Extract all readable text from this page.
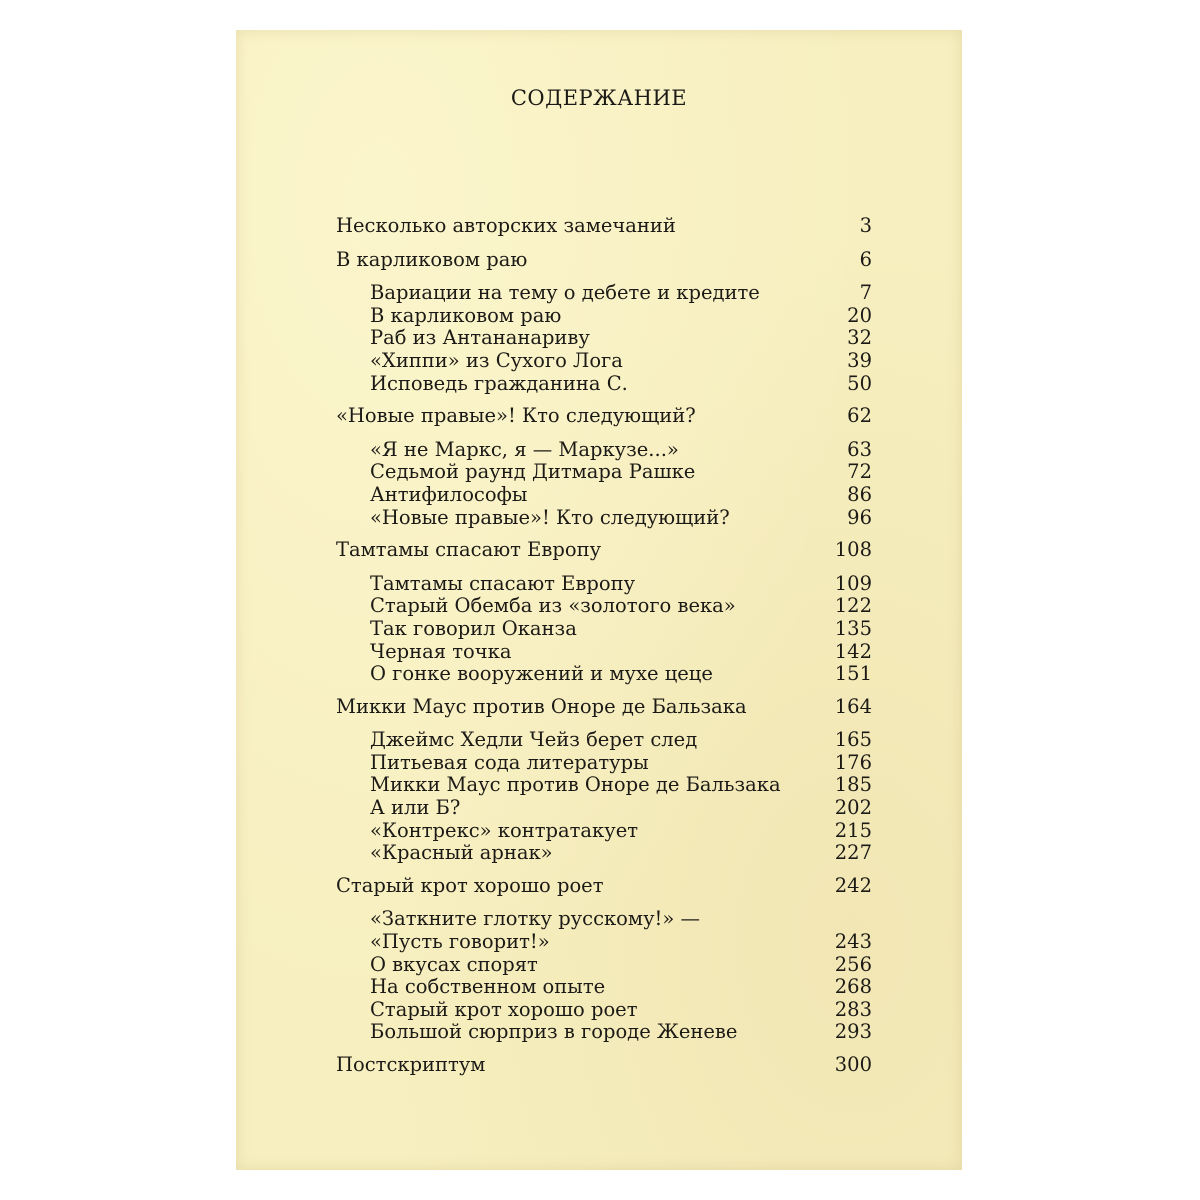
СОДЕРЖАНИЕ
Несколько авторских замечаний	3
В карликовом раю	6
Вариации на тему о дебете и кредите	7
В карликовом раю	20
Раб из Антананариву	32
«Хиппи» из Сухого Лога	39
Исповедь гражданина С.	50
«Новые правые»! Кто следующий?	62
«Я не Маркс, я — Маркузе...»	63
Седьмой раунд Дитмара Рашке	72
Антифилософы	86
«Новые правые»! Кто следующий?	96
Тамтамы спасают Европу	108
Тамтамы спасают Европу	109
Старый Обемба из «золотого века»	122
Так говорил Оканза	135
Черная точка	142
О гонке вооружений и мухе цеце	151
Микки Маус против Оноре де Бальзака	164
Джеймс Хедли Чейз берет след	165
Питьевая сода литературы	176
Микки Маус против Оноре де Бальзака	185
А или Б?	202
«Контрекс» контратакует	215
«Красный арнак»	227
Старый крот хорошо роет	242
«Заткните глотку русскому!» —
«Пусть говорит!»	243
О вкусах спорят	256
На собственном опыте	268
Старый крот хорошо роет	283
Большой сюрприз в городе Женеве	293
Постскриптум	300
